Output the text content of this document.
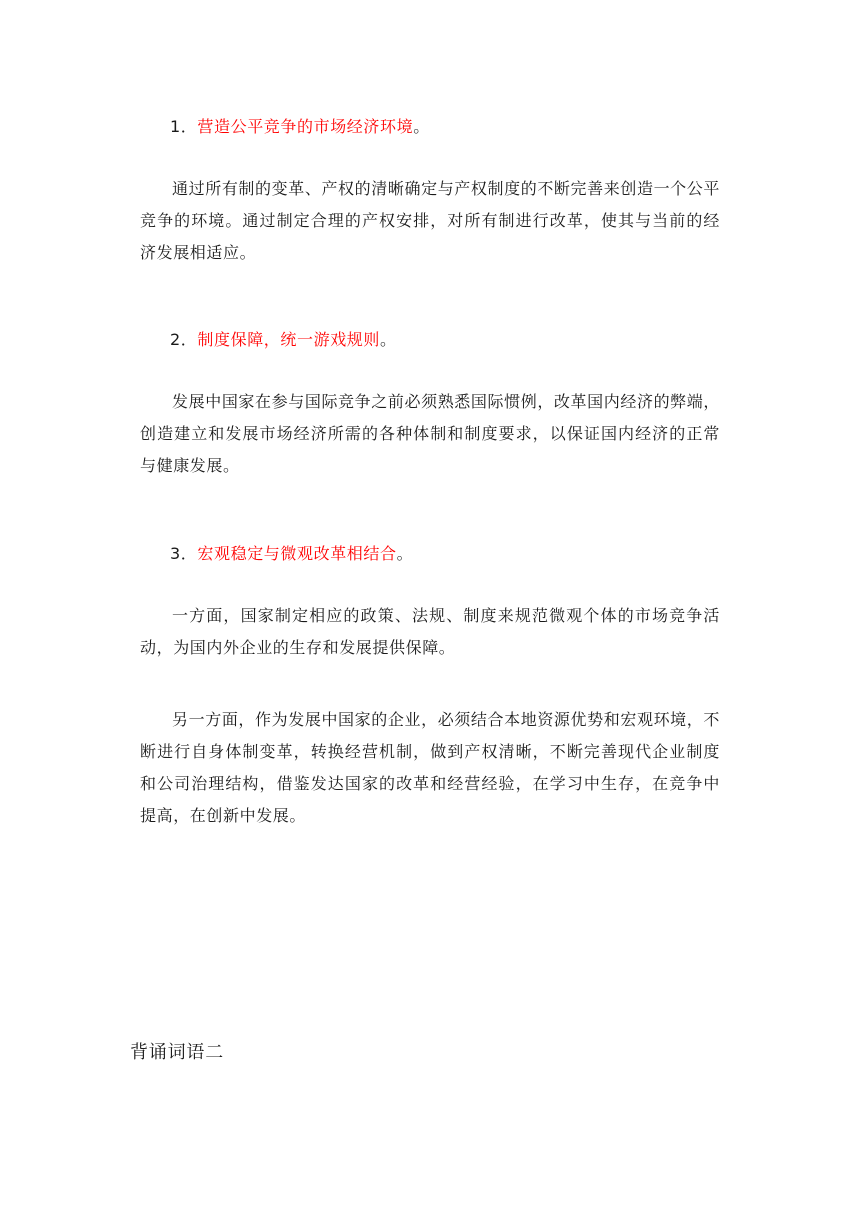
1．营造公平竞争的市场经济环境。
通过所有制的变革、产权的清晰确定与产权制度的不断完善来创造一个公平竞争的环境。通过制定合理的产权安排，对所有制进行改革，使其与当前的经济发展相适应。
2．制度保障，统一游戏规则。
发展中国家在参与国际竞争之前必须熟悉国际惯例，改革国内经济的弊端，创造建立和发展市场经济所需的各种体制和制度要求，以保证国内经济的正常与健康发展。
3．宏观稳定与微观改革相结合。
一方面，国家制定相应的政策、法规、制度来规范微观个体的市场竞争活动，为国内外企业的生存和发展提供保障。
另一方面，作为发展中国家的企业，必须结合本地资源优势和宏观环境，不断进行自身体制变革，转换经营机制，做到产权清晰，不断完善现代企业制度和公司治理结构，借鉴发达国家的改革和经营经验，在学习中生存，在竞争中提高，在创新中发展。
背诵词语二
